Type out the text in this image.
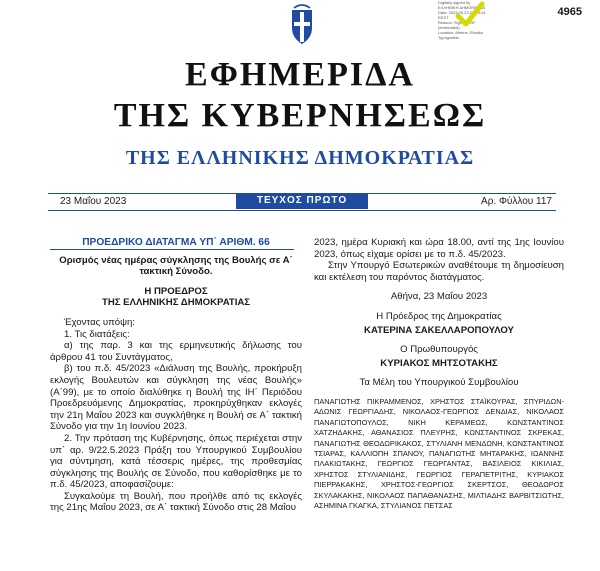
4965
Digitally signed by
ΕΛΛΗΝΙΚΗ ΔΗΜΟΚΡΑΤΙΑ
Date: 2023.05.23 21:13:14
EEST
Reason: Signed PDF
(embedded)
Location: Athens, Ethniko
Typografeio
ΕΦΗΜΕΡΙΔΑ
ΤΗΣ ΚΥΒΕΡΝΗΣΕΩΣ
ΤΗΣ ΕΛΛΗΝΙΚΗΣ ΔΗΜΟΚΡΑΤΙΑΣ
23 Μαΐου 2023	ΤΕΥΧΟΣ ΠΡΩΤΟ	Αρ. Φύλλου 117

ΠΡΟΕΔΡΙΚΟ ΔΙΑΤΑΓΜΑ ΥΠ΄ ΑΡΙΘΜ. 66

Ορισμός νέας ημέρας σύγκλησης της Βουλής σε Α΄ τακτική Σύνοδο.

Η ΠΡΟΕΔΡΟΣ

ΤΗΣ ΕΛΛΗΝΙΚΗΣ ΔΗΜΟΚΡΑΤΙΑΣ

Έχοντας υπόψη:

1. Τις διατάξεις:

α) της παρ. 3 και της ερμηνευτικής δήλωσης του άρθρου 41 του Συντάγματος,

β) του π.δ. 45/2023 «Διάλυση της Βουλής, προκήρυξη εκλογής Βουλευτών και σύγκληση της νέας Βουλής» (Α΄99), με το οποίο διαλύθηκε η Βουλή της ΙΗ΄ Περιόδου Προεδρευόμενης Δημοκρατίας, προκηρύχθηκαν εκλογές την 21η Μαΐου 2023 και συγκλήθηκε η Βουλή σε Α΄ τακτική Σύνοδο για την 1η Ιουνίου 2023.

2. Την πρόταση της Κυβέρνησης, όπως περιέχεται στην υπ΄ αρ. 9/22.5.2023 Πράξη του Υπουργικού Συμβουλίου για σύντμηση, κατά τέσσερις ημέρες, της προθεσμίας σύγκλησης της Βουλής σε Σύνοδο, που καθορίσθηκε με το π.δ. 45/2023, αποφασίζουμε:

Συγκαλούμε τη Βουλή, που προήλθε από τις εκλογές της 21ης Μαΐου 2023, σε Α΄ τακτική Σύνοδο στις 28 Μαΐου

2023, ημέρα Κυριακή και ώρα 18.00, αντί της 1ης Ιουνίου 2023, όπως είχαμε ορίσει με το π.δ. 45/2023.

Στην Υπουργό Εσωτερικών αναθέτουμε τη δημοσίευση και εκτέλεση του παρόντος διατάγματος.

Αθήνα, 23 Μαΐου 2023

Η Πρόεδρος της Δημοκρατίας

ΚΑΤΕΡΙΝΑ ΣΑΚΕΛΛΑΡΟΠΟΥΛΟΥ

Ο Πρωθυπουργός

ΚΥΡΙΑΚΟΣ ΜΗΤΣΟΤΑΚΗΣ

Τα Μέλη του Υπουργικού Συμβουλίου

ΠΑΝΑΓΙΩΤΗΣ ΠΙΚΡΑΜΜΕΝΟΣ, ΧΡΗΣΤΟΣ ΣΤΑΪΚΟΥΡΑΣ, ΣΠΥΡΙΔΩΝ-ΑΔΩΝΙΣ ΓΕΩΡΓΙΑΔΗΣ, ΝΙΚΟΛΑΟΣ-ΓΕΩΡΓΙΟΣ ΔΕΝΔΙΑΣ, ΝΙΚΟΛΑΟΣ ΠΑΝΑΓΙΩΤΟΠΟΥΛΟΣ, ΝΙΚΗ ΚΕΡΑΜΕΩΣ, ΚΩΝΣΤΑΝΤΙΝΟΣ ΧΑΤΖΗΔΑΚΗΣ, ΑΘΑΝΑΣΙΟΣ ΠΛΕΥΡΗΣ, ΚΩΝΣΤΑΝΤΙΝΟΣ ΣΚΡΕΚΑΣ, ΠΑΝΑΓΙΩΤΗΣ ΘΕΟΔΩΡΙΚΑΚΟΣ, ΣΤΥΛΙΑΝΗ ΜΕΝΔΩΝΗ, ΚΩΝΣΤΑΝΤΙΝΟΣ ΤΣΙΑΡΑΣ, ΚΑΛΛΙΟΠΗ ΣΠΑΝΟΥ, ΠΑΝΑΓΙΩΤΗΣ ΜΗΤΑΡΑΚΗΣ, ΙΩΑΝΝΗΣ ΠΛΑΚΙΩΤΑΚΗΣ, ΓΕΩΡΓΙΟΣ ΓΕΩΡΓΑΝΤΑΣ, ΒΑΣΙΛΕΙΟΣ ΚΙΚΙΛΙΑΣ, ΧΡΗΣΤΟΣ ΣΤΥΛΙΑΝΙΔΗΣ, ΓΕΩΡΓΙΟΣ ΓΕΡΑΠΕΤΡΙΤΗΣ, ΚΥΡΙΑΚΟΣ ΠΙΕΡΡΑΚΑΚΗΣ, ΧΡΗΣΤΟΣ-ΓΕΩΡΓΙΟΣ ΣΚΕΡΤΣΟΣ, ΘΕΟΔΩΡΟΣ ΣΚΥΛΑΚΑΚΗΣ, ΝΙΚΟΛΑΟΣ ΠΑΠΑΘΑΝΑΣΗΣ, ΜΙΛΤΙΑΔΗΣ ΒΑΡΒΙΤΣΙΩΤΗΣ, ΑΣΗΜΙΝΑ ΓΚΑΓΚΑ, ΣΤΥΛΙΑΝΟΣ ΠΕΤΣΑΣ
